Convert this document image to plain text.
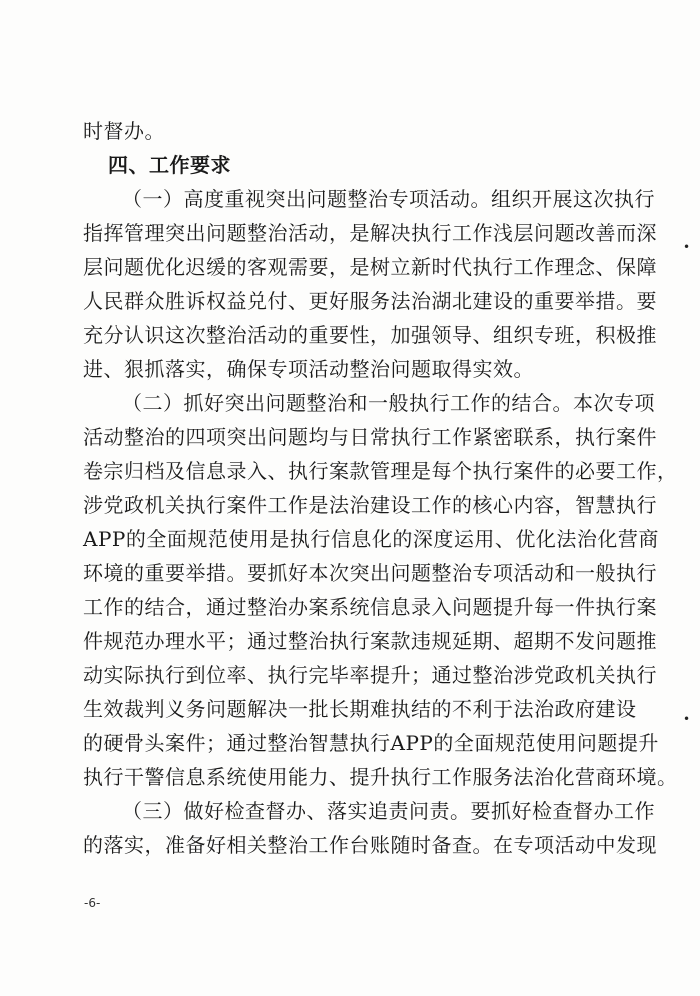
时督办。
四、工作要求
（一）高度重视突出问题整治专项活动。组织开展这次执行
指挥管理突出问题整治活动，是解决执行工作浅层问题改善而深
层问题优化迟缓的客观需要，是树立新时代执行工作理念、保障
人民群众胜诉权益兑付、更好服务法治湖北建设的重要举措。要
充分认识这次整治活动的重要性，加强领导、组织专班，积极推
进、狠抓落实，确保专项活动整治问题取得实效。
（二）抓好突出问题整治和一般执行工作的结合。本次专项
活动整治的四项突出问题均与日常执行工作紧密联系，执行案件
卷宗归档及信息录入、执行案款管理是每个执行案件的必要工作，
涉党政机关执行案件工作是法治建设工作的核心内容，智慧执行
APP的全面规范使用是执行信息化的深度运用、优化法治化营商
环境的重要举措。要抓好本次突出问题整治专项活动和一般执行
工作的结合，通过整治办案系统信息录入问题提升每一件执行案
件规范办理水平；通过整治执行案款违规延期、超期不发问题推
动实际执行到位率、执行完毕率提升；通过整治涉党政机关执行
生效裁判义务问题解决一批长期难执结的不利于法治政府建设
的硬骨头案件；通过整治智慧执行APP的全面规范使用问题提升
执行干警信息系统使用能力、提升执行工作服务法治化营商环境。
（三）做好检查督办、落实追责问责。要抓好检查督办工作
的落实，准备好相关整治工作台账随时备查。在专项活动中发现
-6-
•
•
